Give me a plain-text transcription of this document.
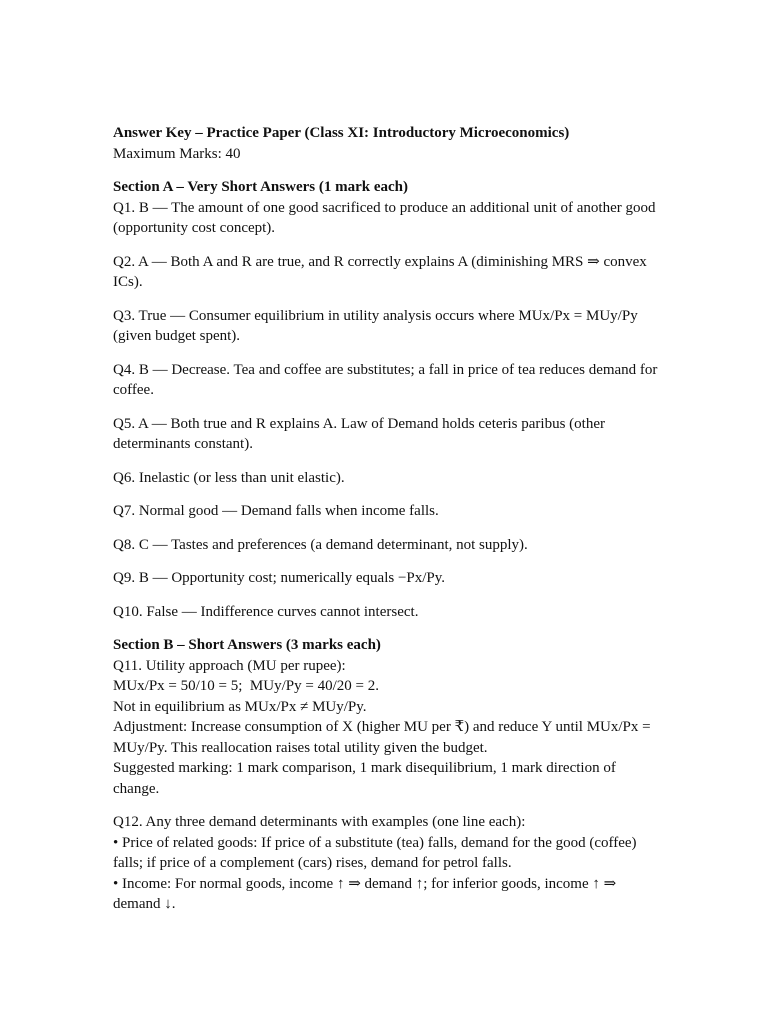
Answer Key – Practice Paper (Class XI: Introductory Microeconomics)
Maximum Marks: 40
Section A – Very Short Answers (1 mark each)
Q1. B — The amount of one good sacrificed to produce an additional unit of another good (opportunity cost concept).
Q2. A — Both A and R are true, and R correctly explains A (diminishing MRS ⇒ convex ICs).
Q3. True — Consumer equilibrium in utility analysis occurs where MUx/Px = MUy/Py (given budget spent).
Q4. B — Decrease. Tea and coffee are substitutes; a fall in price of tea reduces demand for coffee.
Q5. A — Both true and R explains A. Law of Demand holds ceteris paribus (other determinants constant).
Q6. Inelastic (or less than unit elastic).
Q7. Normal good — Demand falls when income falls.
Q8. C — Tastes and preferences (a demand determinant, not supply).
Q9. B — Opportunity cost; numerically equals −Px/Py.
Q10. False — Indifference curves cannot intersect.
Section B – Short Answers (3 marks each)
Q11. Utility approach (MU per rupee):
MUx/Px = 50/10 = 5;  MUy/Py = 40/20 = 2.
Not in equilibrium as MUx/Px ≠ MUy/Py.
Adjustment: Increase consumption of X (higher MU per ₹) and reduce Y until MUx/Px = MUy/Py. This reallocation raises total utility given the budget.
Suggested marking: 1 mark comparison, 1 mark disequilibrium, 1 mark direction of change.
Q12. Any three demand determinants with examples (one line each):
• Price of related goods: If price of a substitute (tea) falls, demand for the good (coffee) falls; if price of a complement (cars) rises, demand for petrol falls.
• Income: For normal goods, income ↑ ⇒ demand ↑; for inferior goods, income ↑ ⇒ demand ↓.
